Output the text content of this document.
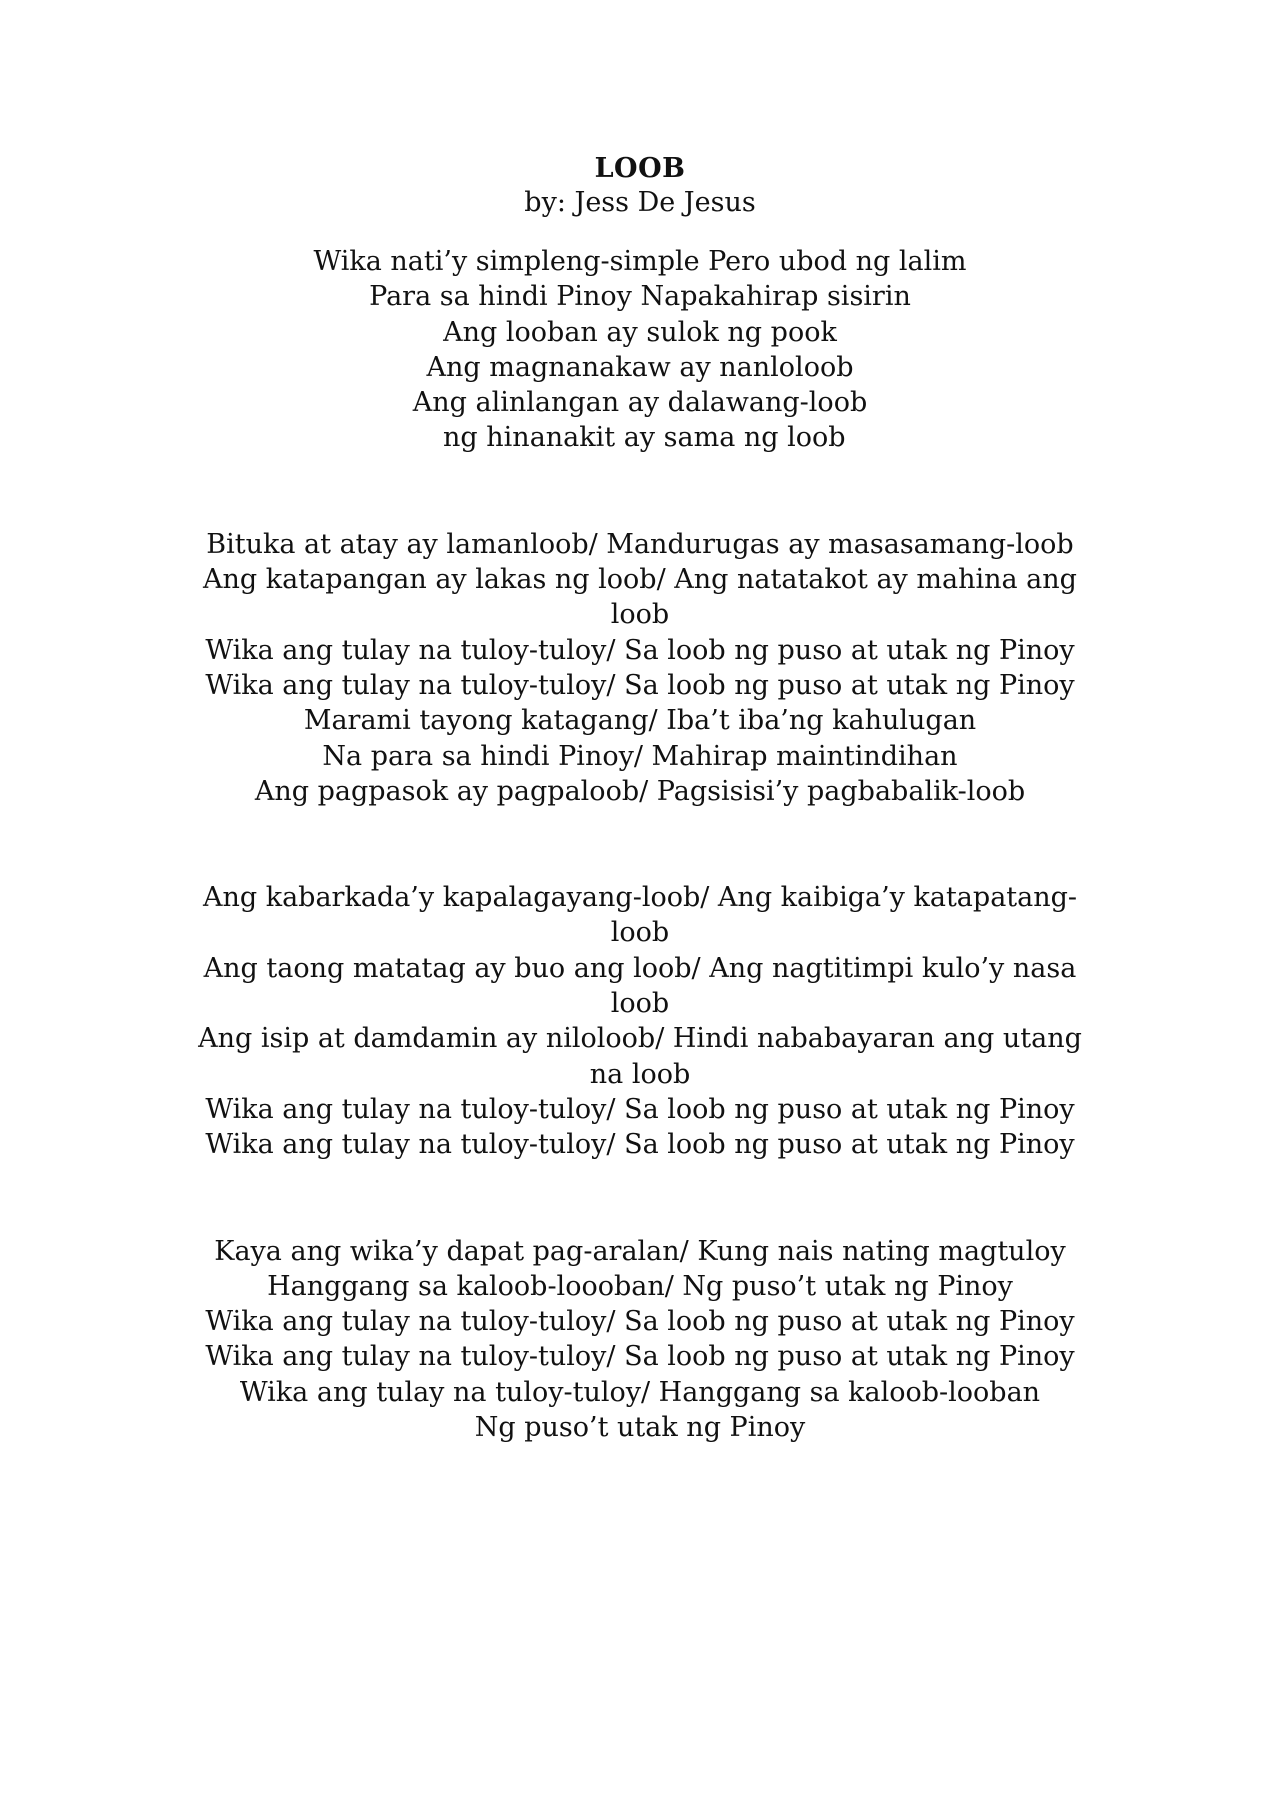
LOOB
by: Jess De Jesus

Wika nati’y simpleng-simple Pero ubod ng lalim

Para sa hindi Pinoy Napakahirap sisirin

Ang looban ay sulok ng pook

Ang magnanakaw ay nanloloob

Ang alinlangan ay dalawang-loob

ng hinanakit ay sama ng loob

Bituka at atay ay lamanloob/ Mandurugas ay masasamang-loob

Ang katapangan ay lakas ng loob/ Ang natatakot ay mahina ang

loob

Wika ang tulay na tuloy-tuloy/ Sa loob ng puso at utak ng Pinoy

Wika ang tulay na tuloy-tuloy/ Sa loob ng puso at utak ng Pinoy

Marami tayong katagang/ Iba’t iba’ng kahulugan

Na para sa hindi Pinoy/ Mahirap maintindihan

Ang pagpasok ay pagpaloob/ Pagsisisi’y pagbabalik-loob

Ang kabarkada’y kapalagayang-loob/ Ang kaibiga’y katapatang-

loob

Ang taong matatag ay buo ang loob/ Ang nagtitimpi kulo’y nasa

loob

Ang isip at damdamin ay niloloob/ Hindi nababayaran ang utang

na loob

Wika ang tulay na tuloy-tuloy/ Sa loob ng puso at utak ng Pinoy

Wika ang tulay na tuloy-tuloy/ Sa loob ng puso at utak ng Pinoy

Kaya ang wika’y dapat pag-aralan/ Kung nais nating magtuloy

Hanggang sa kaloob-loooban/ Ng puso’t utak ng Pinoy

Wika ang tulay na tuloy-tuloy/ Sa loob ng puso at utak ng Pinoy

Wika ang tulay na tuloy-tuloy/ Sa loob ng puso at utak ng Pinoy

Wika ang tulay na tuloy-tuloy/ Hanggang sa kaloob-looban

Ng puso’t utak ng Pinoy
